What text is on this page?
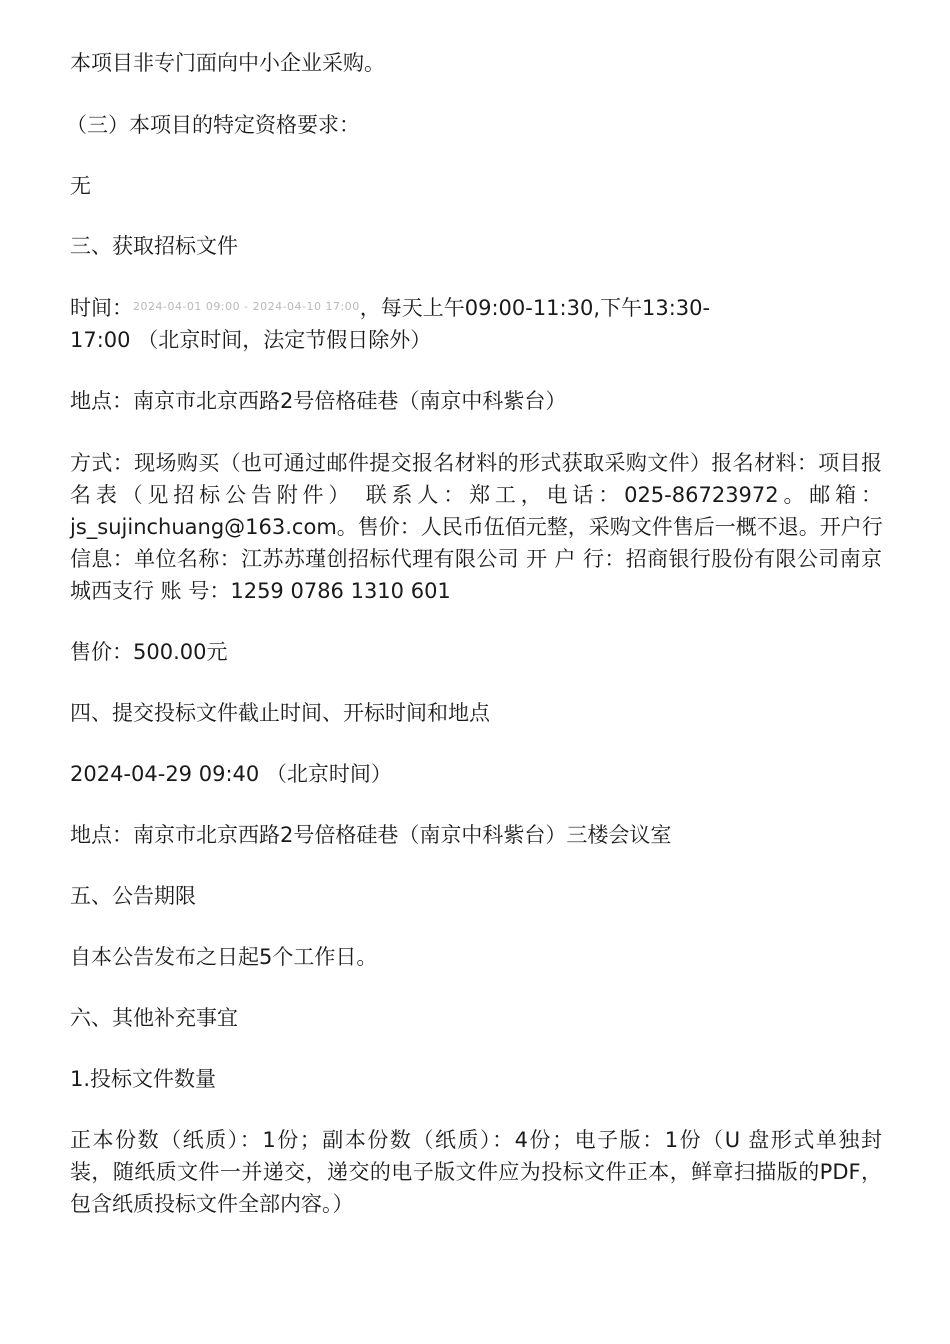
本项目非专门面向中小企业采购。
（三）本项目的特定资格要求：
无
三、获取招标文件
时间：$^{2024-04-01 09:00 - 2024-04-10 17:00}$，每天上午09:00-11:30,下午13:30-
17:00 （北京时间，法定节假日除外）
地点：南京市北京西路2号倍格硅巷（南京中科紫台）
方式：现场购买（也可通过邮件提交报名材料的形式获取采购文件）报名材料：项目报
名表（见招标公告附件） 联系人：郑工，电话：025-86723972。邮箱：
js_sujinchuang@163.com。售价：人民币伍佰元整，采购文件售后一概不退。开户行
信息：单位名称：江苏苏瑾创招标代理有限公司 开 户 行：招商银行股份有限公司南京
城西支行 账 号：1259 0786 1310 601
售价：500.00元
四、提交投标文件截止时间、开标时间和地点
2024-04-29 09:40 （北京时间）
地点：南京市北京西路2号倍格硅巷（南京中科紫台）三楼会议室
五、公告期限
自本公告发布之日起5个工作日。
六、其他补充事宜
1.投标文件数量
正本份数（纸质）：1份；副本份数（纸质）：4份；电子版：1份（U 盘形式单独封
装，随纸质文件一并递交，递交的电子版文件应为投标文件正本，鲜章扫描版的PDF，
包含纸质投标文件全部内容。）
